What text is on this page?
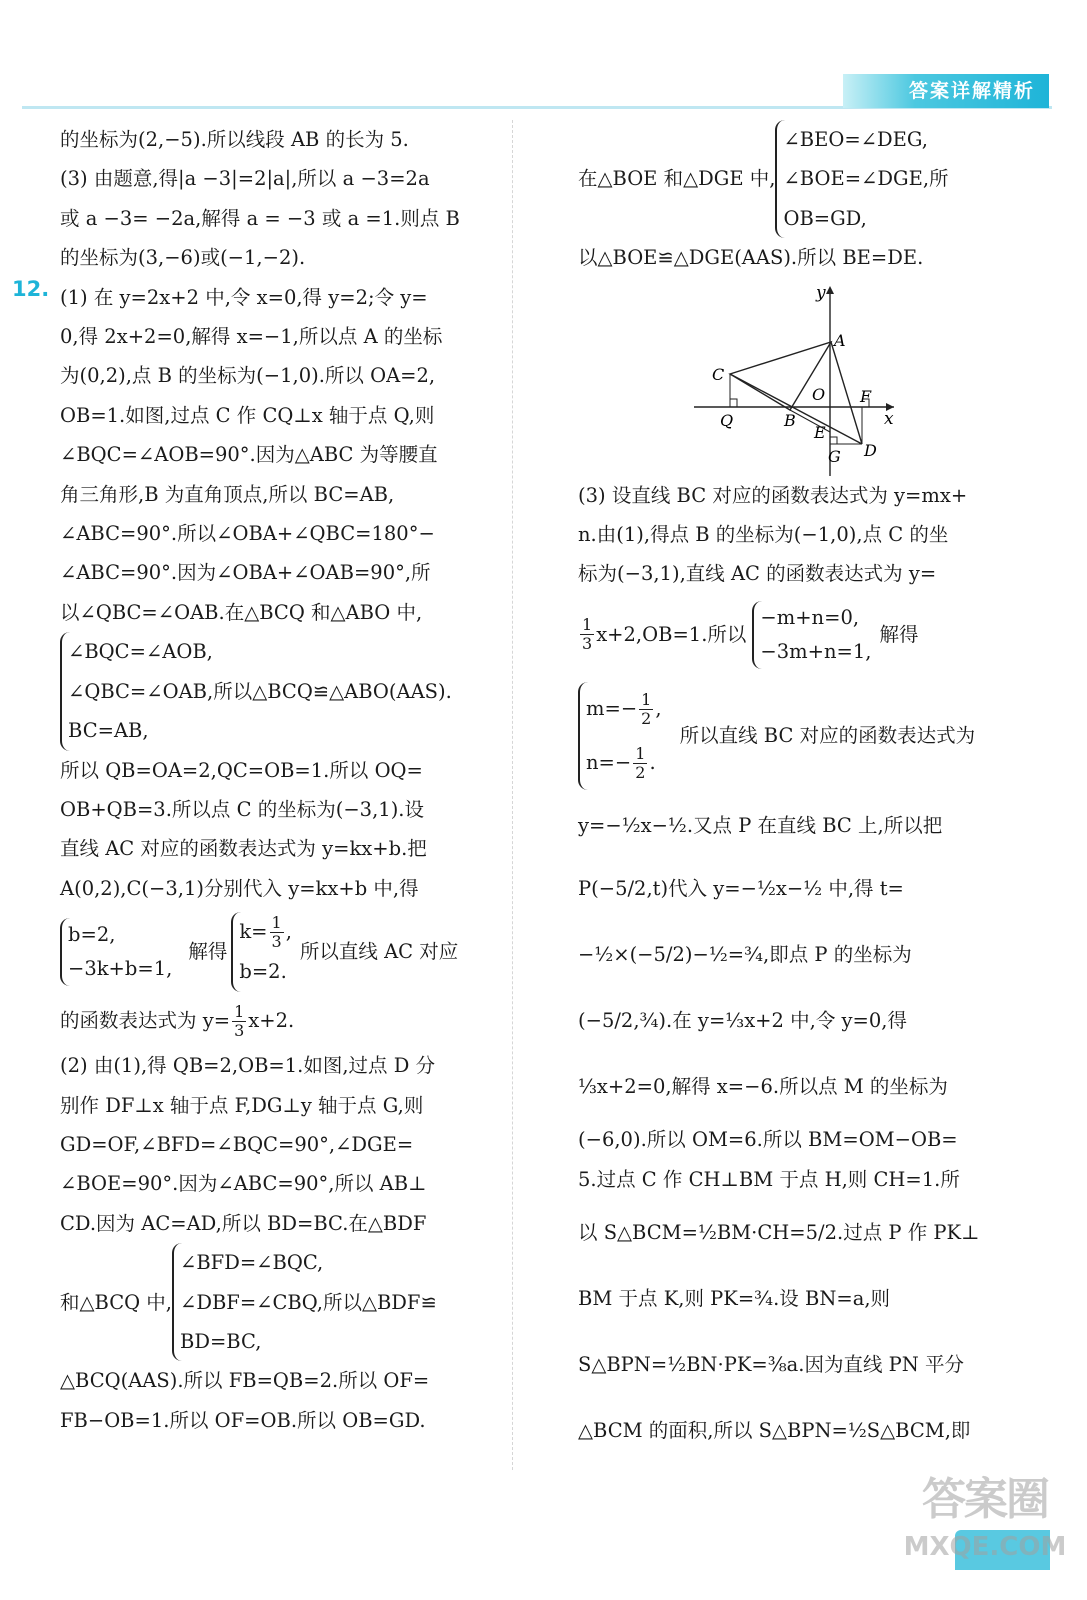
答案详解精析
12.

的坐标为(2,−5).所以线段 AB 的长为 5.

(3) 由题意,得|a −3|=2|a|,所以 a −3=2a

或 a −3= −2a,解得 a = −3 或 a =1.则点 B

的坐标为(3,−6)或(−1,−2).

(1) 在 y=2x+2 中,令 x=0,得 y=2;令 y=

0,得 2x+2=0,解得 x=−1,所以点 A 的坐标

为(0,2),点 B 的坐标为(−1,0).所以 OA=2,

OB=1.如图,过点 C 作 CQ⊥x 轴于点 Q,则

∠BQC=∠AOB=90°.因为△ABC 为等腰直

角三角形,B 为直角顶点,所以 BC=AB,

∠ABC=90°.所以∠OBA+∠QBC=180°−

∠ABC=90°.因为∠OBA+∠OAB=90°,所

以∠QBC=∠OAB.在△BCQ 和△ABO 中,

∠BQC=∠AOB,

∠QBC=∠OAB,所以△BCQ≌△ABO(AAS).

BC=AB,

所以 QB=OA=2,QC=OB=1.所以 OQ=

OB+QB=3.所以点 C 的坐标为(−3,1).设

直线 AC 对应的函数表达式为 y=kx+b.把

A(0,2),C(−3,1)分别代入 y=kx+b 中,得

b=2,

−3k+b=1,

解得

$k= \frac{1}{3}$ ,

b=2.

所以直线 AC 对应

的函数表达式为 $y= \frac{1}{3} x+2$.

(2) 由(1),得 QB=2,OB=1.如图,过点 D 分

别作 DF⊥x 轴于点 F,DG⊥y 轴于点 G,则

GD=OF,∠BFD=∠BQC=90°,∠DGE=

∠BOE=90°.因为∠ABC=90°,所以 AB⊥

CD.因为 AC=AD,所以 BD=BC.在△BDF

和△BCQ 中,

∠BFD=∠BQC,

∠DBF=∠CBQ,所以△BDF≌

BD=BC,

△BCQ(AAS).所以 FB=QB=2.所以 OF=

FB−OB=1.所以 OF=OB.所以 OB=GD.

在△BOE 和△DGE 中,

∠BEO=∠DEG,

∠BOE=∠DGE,所

OB=GD,

以△BOE≌△DGE(AAS).所以 BE=DE.

y
x
A
C
O F
Q	B
E
G D

(3) 设直线 BC 对应的函数表达式为 y=mx+

n.由(1),得点 B 的坐标为(−1,0),点 C 的坐

标为(−3,1),直线 AC 的函数表达式为 y=

$\frac{1}{3} x+2,OB=1$.所以

−m+n=0,

−3m+n=1,

解得

$m=- \frac{1}{2}$ ,

$n=- \frac{1}{2}$ .

所以直线 BC 对应的函数表达式为

y=−½x−½.又点 P 在直线 BC 上,所以把

P(−5/2,t)代入 y=−½x−½ 中,得 t=

−½×(−5/2)−½=¾,即点 P 的坐标为

(−5/2,¾).在 y=⅓x+2 中,令 y=0,得

⅓x+2=0,解得 x=−6.所以点 M 的坐标为

(−6,0).所以 OM=6.所以 BM=OM−OB=

5.过点 C 作 CH⊥BM 于点 H,则 CH=1.所

以 S△BCM=½BM·CH=5/2.过点 P 作 PK⊥

BM 于点 K,则 PK=¾.设 BN=a,则

S△BPN=½BN·PK=⅜a.因为直线 PN 平分

△BCM 的面积,所以 S△BPN=½S△BCM,即

答案圈
MXQE.COM
